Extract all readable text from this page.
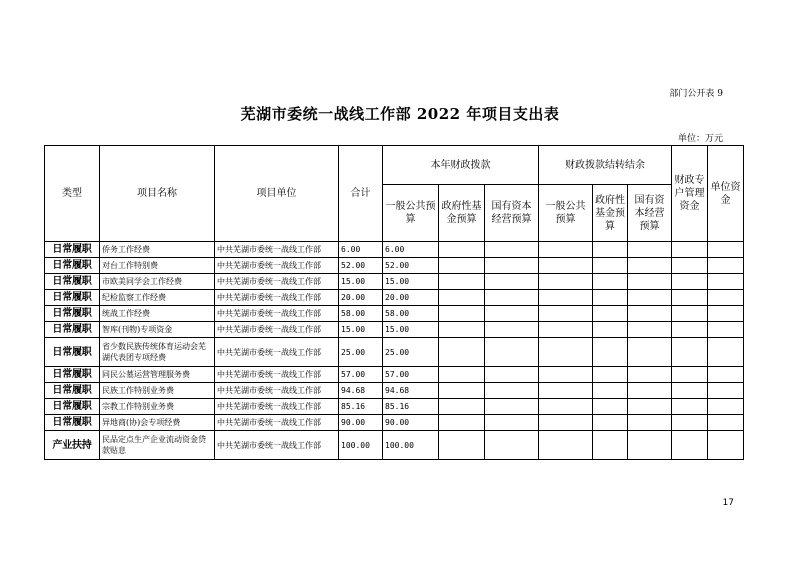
部门公开表 9
芜湖市委统一战线工作部 2022 年项目支出表
单位：万元
类型	项目名称	项目单位	合计	本年财政拨款			财政拨款结转结余			财政专户管理资金	单位资金
				一般公共预算	政府性基金预算	国有资本经营预算	一般公共预算	政府性基金预算	国有资本经营预算		
日常履职	侨务工作经费	中共芜湖市委统一战线工作部	6.00	6.00							
日常履职	对台工作特别费	中共芜湖市委统一战线工作部	52.00	52.00							
日常履职	市欧美同学会工作经费	中共芜湖市委统一战线工作部	15.00	15.00							
日常履职	纪检监察工作经费	中共芜湖市委统一战线工作部	20.00	20.00							
日常履职	统战工作经费	中共芜湖市委统一战线工作部	58.00	58.00							
日常履职	智库(刊物)专项资金	中共芜湖市委统一战线工作部	15.00	15.00							
日常履职	省少数民族传统体育运动会芜湖代表团专项经费	中共芜湖市委统一战线工作部	25.00	25.00							
日常履职	同民公墓运营管理服务费	中共芜湖市委统一战线工作部	57.00	57.00							
日常履职	民族工作特别业务费	中共芜湖市委统一战线工作部	94.68	94.68							
日常履职	宗教工作特别业务费	中共芜湖市委统一战线工作部	85.16	85.16							
日常履职	异地商(协)会专项经费	中共芜湖市委统一战线工作部	90.00	90.00							
产业扶持	民品定点生产企业流动资金贷款贴息	中共芜湖市委统一战线工作部	100.00	100.00							
17
